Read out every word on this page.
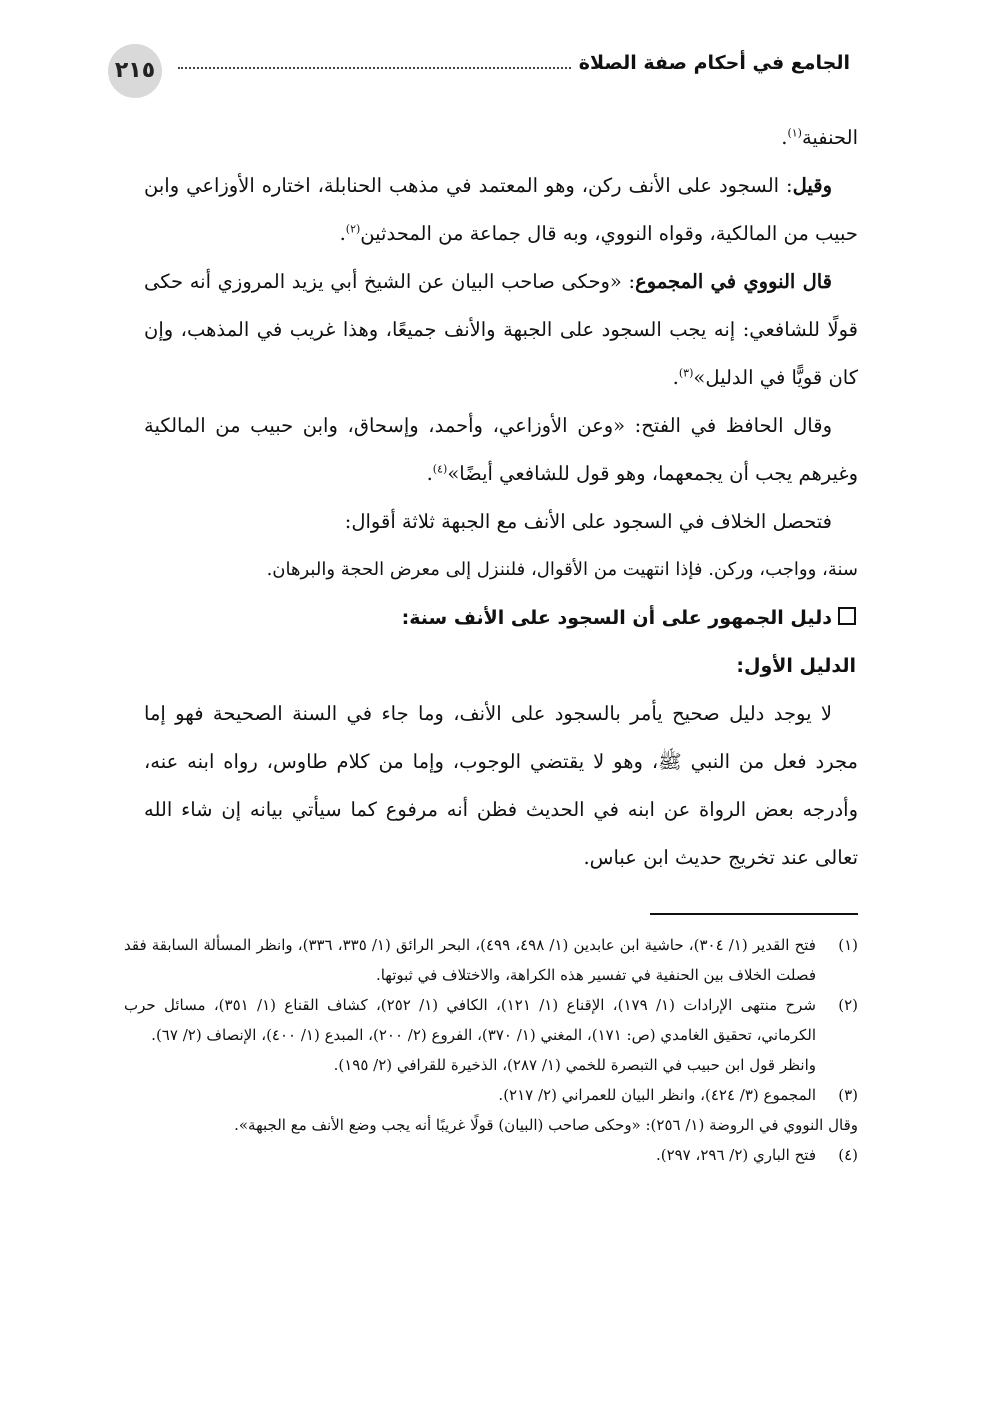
٢١٥	الجامع في أحكام صفة الصلاة

الحنفية$^{(١)}$.

وقيل: السجود على الأنف ركن، وهو المعتمد في مذهب الحنابلة، اختاره الأوزاعي وابن حبيب من المالكية، وقواه النووي، وبه قال جماعة من المحدثين$^{(٢)}$.

قال النووي في المجموع: «وحكى صاحب البيان عن الشيخ أبي يزيد المروزي أنه حكى قولًا للشافعي: إنه يجب السجود على الجبهة والأنف جميعًا، وهذا غريب في المذهب، وإن كان قويًّا في الدليل»$^{(٣)}$.

وقال الحافظ في الفتح: «وعن الأوزاعي، وأحمد، وإسحاق، وابن حبيب من المالكية وغيرهم يجب أن يجمعهما، وهو قول للشافعي أيضًا»$^{(٤)}$.

فتحصل الخلاف في السجود على الأنف مع الجبهة ثلاثة أقوال:

سنة، وواجب، وركن. فإذا انتهيت من الأقوال، فلننزل إلى معرض الحجة والبرهان.

دليل الجمهور على أن السجود على الأنف سنة:

الدليل الأول:

لا يوجد دليل صحيح يأمر بالسجود على الأنف، وما جاء في السنة الصحيحة فهو إما مجرد فعل من النبي ﷺ، وهو لا يقتضي الوجوب، وإما من كلام طاوس، رواه ابنه عنه، وأدرجه بعض الرواة عن ابنه في الحديث فظن أنه مرفوع كما سيأتي بيانه إن شاء الله تعالى عند تخريج حديث ابن عباس.

(١)
فتح القدير (١/ ٣٠٤)، حاشية ابن عابدين (١/ ٤٩٨، ٤٩٩)، البحر الرائق (١/ ٣٣٥، ٣٣٦)، وانظر المسألة السابقة فقد فصلت الخلاف بين الحنفية في تفسير هذه الكراهة، والاختلاف في ثبوتها.
(٢)
شرح منتهى الإرادات (١/ ١٧٩)، الإقناع (١/ ١٢١)، الكافي (١/ ٢٥٢)، كشاف القناع (١/ ٣٥١)، مسائل حرب الكرماني، تحقيق الغامدي (ص: ١٧١)، المغني (١/ ٣٧٠)، الفروع (٢/ ٢٠٠)، المبدع (١/ ٤٠٠)، الإنصاف (٢/ ٦٧).

وانظر قول ابن حبيب في التبصرة للخمي (١/ ٢٨٧)، الذخيرة للقرافي (٢/ ١٩٥).

(٣)
المجموع (٣/ ٤٢٤)، وانظر البيان للعمراني (٢/ ٢١٧).

وقال النووي في الروضة (١/ ٢٥٦): «وحكى صاحب (البيان) قولًا غريبًا أنه يجب وضع الأنف مع الجبهة».

(٤)
فتح الباري (٢/ ٢٩٦، ٢٩٧).
